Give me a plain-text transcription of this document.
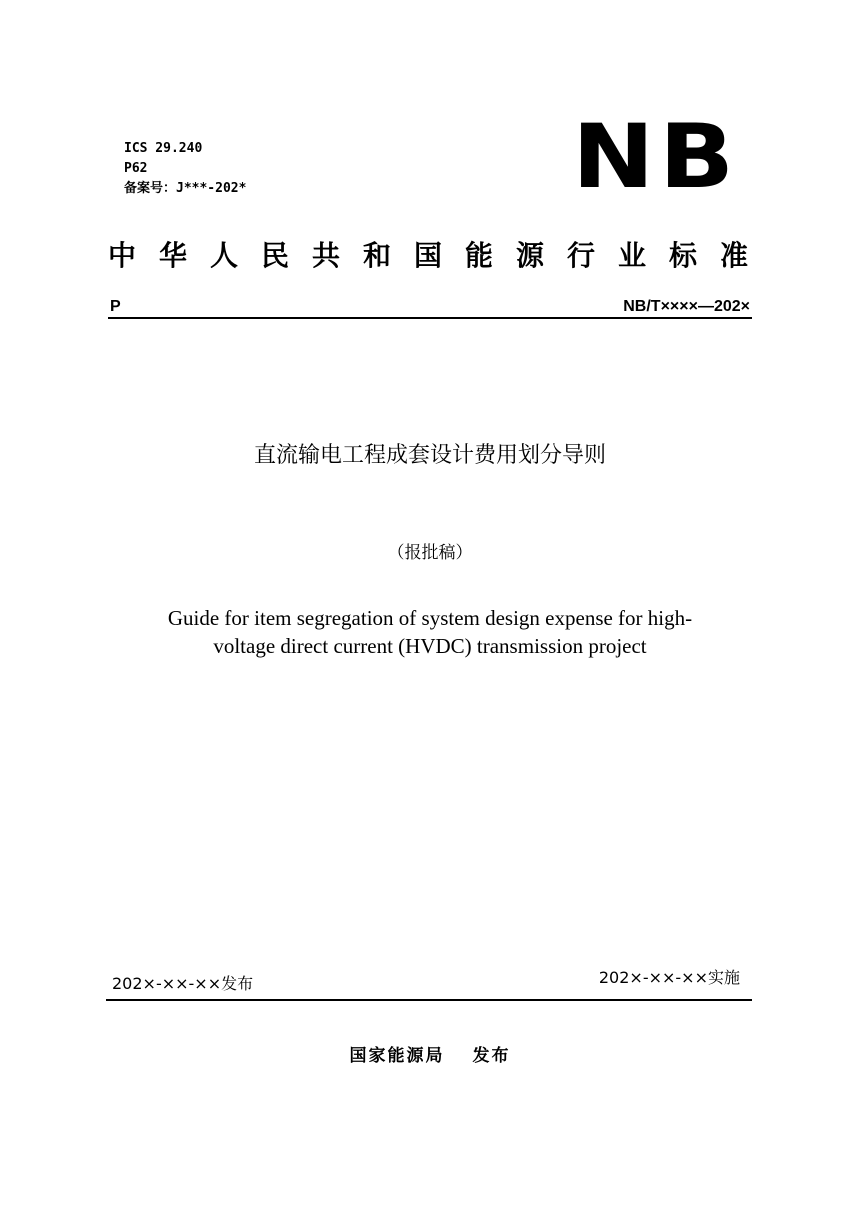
ICS 29.240
P62
备案号：J***-202*	NB
中华人民共和国能源行业标准
P	NB/T××××—202×
直流输电工程成套设计费用划分导则
（报批稿）
Guide for item segregation of system design expense for high-
voltage direct current (HVDC) transmission project
202×-××-××发布	202×-××-××实施
国家能源局 发布
